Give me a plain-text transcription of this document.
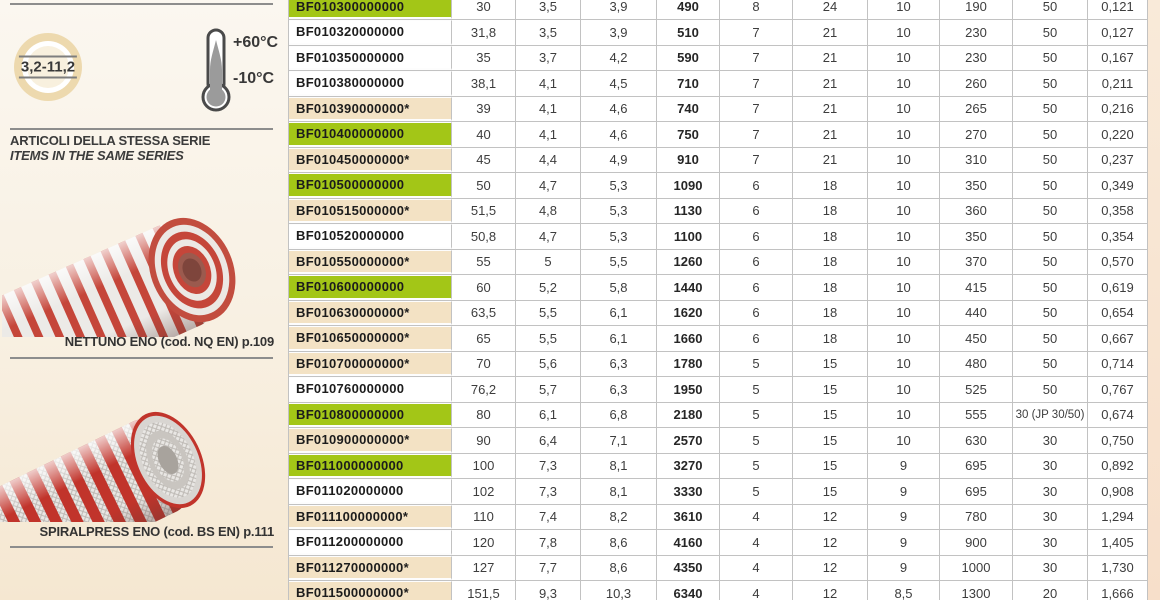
3,2-11,2
+60°C
-10°C
ARTICOLI DELLA STESSA SERIE
ITEMS IN THE SAME SERIES
NETTUNO ENO (cod. NQ EN) p.109
SPIRALPRESS ENO (cod. BS EN) p.111
BF010300000000	30	3,5	3,9	490	8	24	10	190	50	0,121
BF010320000000	31,8	3,5	3,9	510	7	21	10	230	50	0,127
BF010350000000	35	3,7	4,2	590	7	21	10	230	50	0,167
BF010380000000	38,1	4,1	4,5	710	7	21	10	260	50	0,211
BF010390000000*	39	4,1	4,6	740	7	21	10	265	50	0,216
BF010400000000	40	4,1	4,6	750	7	21	10	270	50	0,220
BF010450000000*	45	4,4	4,9	910	7	21	10	310	50	0,237
BF010500000000	50	4,7	5,3	1090	6	18	10	350	50	0,349
BF010515000000*	51,5	4,8	5,3	1130	6	18	10	360	50	0,358
BF010520000000	50,8	4,7	5,3	1100	6	18	10	350	50	0,354
BF010550000000*	55	5	5,5	1260	6	18	10	370	50	0,570
BF010600000000	60	5,2	5,8	1440	6	18	10	415	50	0,619
BF010630000000*	63,5	5,5	6,1	1620	6	18	10	440	50	0,654
BF010650000000*	65	5,5	6,1	1660	6	18	10	450	50	0,667
BF010700000000*	70	5,6	6,3	1780	5	15	10	480	50	0,714
BF010760000000	76,2	5,7	6,3	1950	5	15	10	525	50	0,767
BF010800000000	80	6,1	6,8	2180	5	15	10	555	30 (JP 30/50)	0,674
BF010900000000*	90	6,4	7,1	2570	5	15	10	630	30	0,750
BF011000000000	100	7,3	8,1	3270	5	15	9	695	30	0,892
BF011020000000	102	7,3	8,1	3330	5	15	9	695	30	0,908
BF011100000000*	110	7,4	8,2	3610	4	12	9	780	30	1,294
BF011200000000	120	7,8	8,6	4160	4	12	9	900	30	1,405
BF011270000000*	127	7,7	8,6	4350	4	12	9	1000	30	1,730
BF011500000000*	151,5	9,3	10,3	6340	4	12	8,5	1300	20	1,666
